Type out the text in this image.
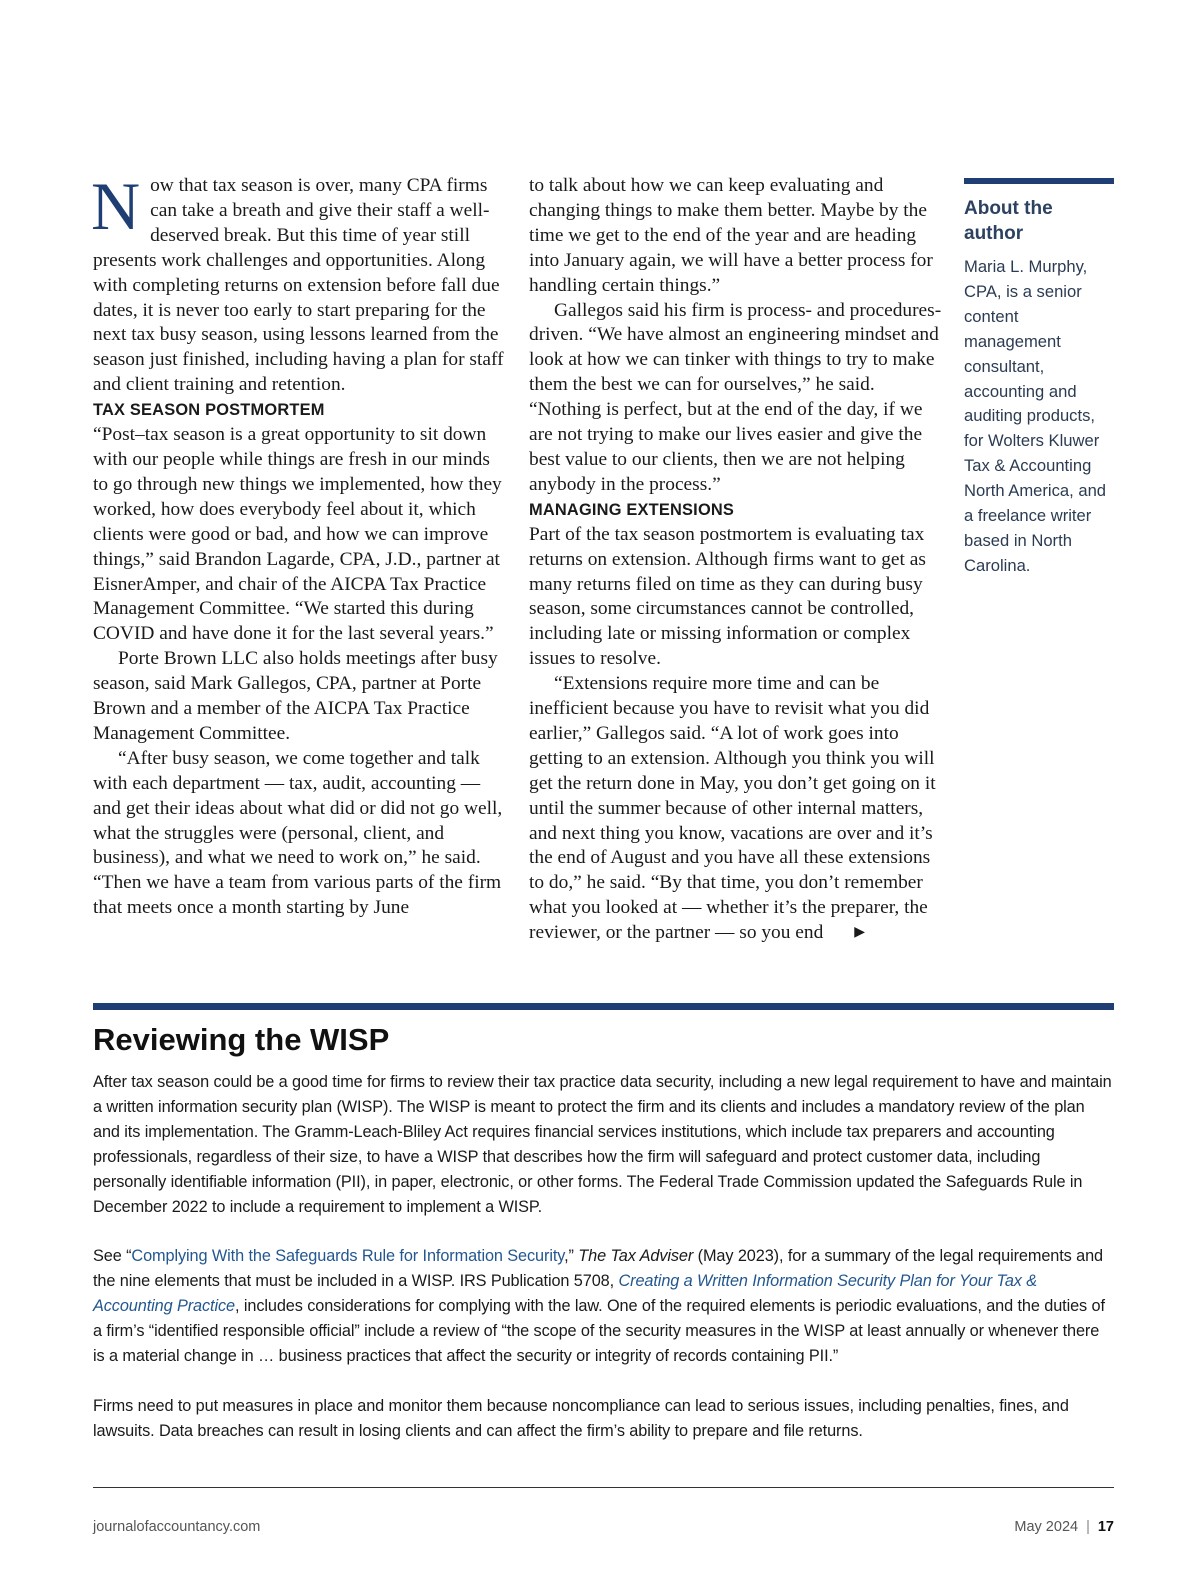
Now that tax season is over, many CPA firms can take a breath and give their staff a well-deserved break. But this time of year still presents work challenges and opportunities. Along with completing returns on extension before fall due dates, it is never too early to start preparing for the next tax busy season, using lessons learned from the season just finished, including having a plan for staff and client training and retention.

TAX SEASON POSTMORTEM

“Post–tax season is a great opportunity to sit down with our people while things are fresh in our minds to go through new things we implemented, how they worked, how does everybody feel about it, which clients were good or bad, and how we can improve things,” said Brandon Lagarde, CPA, J.D., partner at EisnerAmper, and chair of the AICPA Tax Practice Management Committee. “We started this during COVID and have done it for the last several years.”

Porte Brown LLC also holds meetings after busy season, said Mark Gallegos, CPA, partner at Porte Brown and a member of the AICPA Tax Practice Management Committee.

“After busy season, we come together and talk with each department — tax, audit, accounting — and get their ideas about what did or did not go well, what the struggles were (personal, client, and business), and what we need to work on,” he said. “Then we have a team from various parts of the firm that meets once a month starting by June

to talk about how we can keep evaluating and changing things to make them better. Maybe by the time we get to the end of the year and are heading into January again, we will have a better process for handling certain things.”

Gallegos said his firm is process- and procedures-driven. “We have almost an engineering mindset and look at how we can tinker with things to try to make them the best we can for ourselves,” he said. “Nothing is perfect, but at the end of the day, if we are not trying to make our lives easier and give the best value to our clients, then we are not helping anybody in the process.”

MANAGING EXTENSIONS

Part of the tax season postmortem is evaluating tax returns on extension. Although firms want to get as many returns filed on time as they can during busy season, some circumstances cannot be controlled, including late or missing information or complex issues to resolve.

“Extensions require more time and can be inefficient because you have to revisit what you did earlier,” Gallegos said. “A lot of work goes into getting to an extension. Although you think you will get the return done in May, you don’t get going on it until the summer because of other internal matters, and next thing you know, vacations are over and it’s the end of August and you have all these extensions to do,” he said. “By that time, you don’t remember what you looked at — whether it’s the preparer, the reviewer, or the partner — so you end ▶

About the author

Maria L. Murphy, CPA, is a senior content management consultant, accounting and auditing products, for Wolters Kluwer Tax & Accounting North America, and a freelance writer based in North Carolina.

Reviewing the WISP

After tax season could be a good time for firms to review their tax practice data security, including a new legal requirement to have and maintain a written information security plan (WISP). The WISP is meant to protect the firm and its clients and includes a mandatory review of the plan and its implementation. The Gramm-Leach-Bliley Act requires financial services institutions, which include tax preparers and accounting professionals, regardless of their size, to have a WISP that describes how the firm will safeguard and protect customer data, including personally identifiable information (PII), in paper, electronic, or other forms. The Federal Trade Commission updated the Safeguards Rule in December 2022 to include a requirement to implement a WISP.

See “Complying With the Safeguards Rule for Information Security,” The Tax Adviser (May 2023), for a summary of the legal requirements and the nine elements that must be included in a WISP. IRS Publication 5708, Creating a Written Information Security Plan for Your Tax & Accounting Practice, includes considerations for complying with the law. One of the required elements is periodic evaluations, and the duties of a firm’s “identified responsible official” include a review of “the scope of the security measures in the WISP at least annually or whenever there is a material change in … business practices that affect the security or integrity of records containing PII.”

Firms need to put measures in place and monitor them because noncompliance can lead to serious issues, including penalties, fines, and lawsuits. Data breaches can result in losing clients and can affect the firm’s ability to prepare and file returns.

journalofaccountancy.com	May 2024 | 17
